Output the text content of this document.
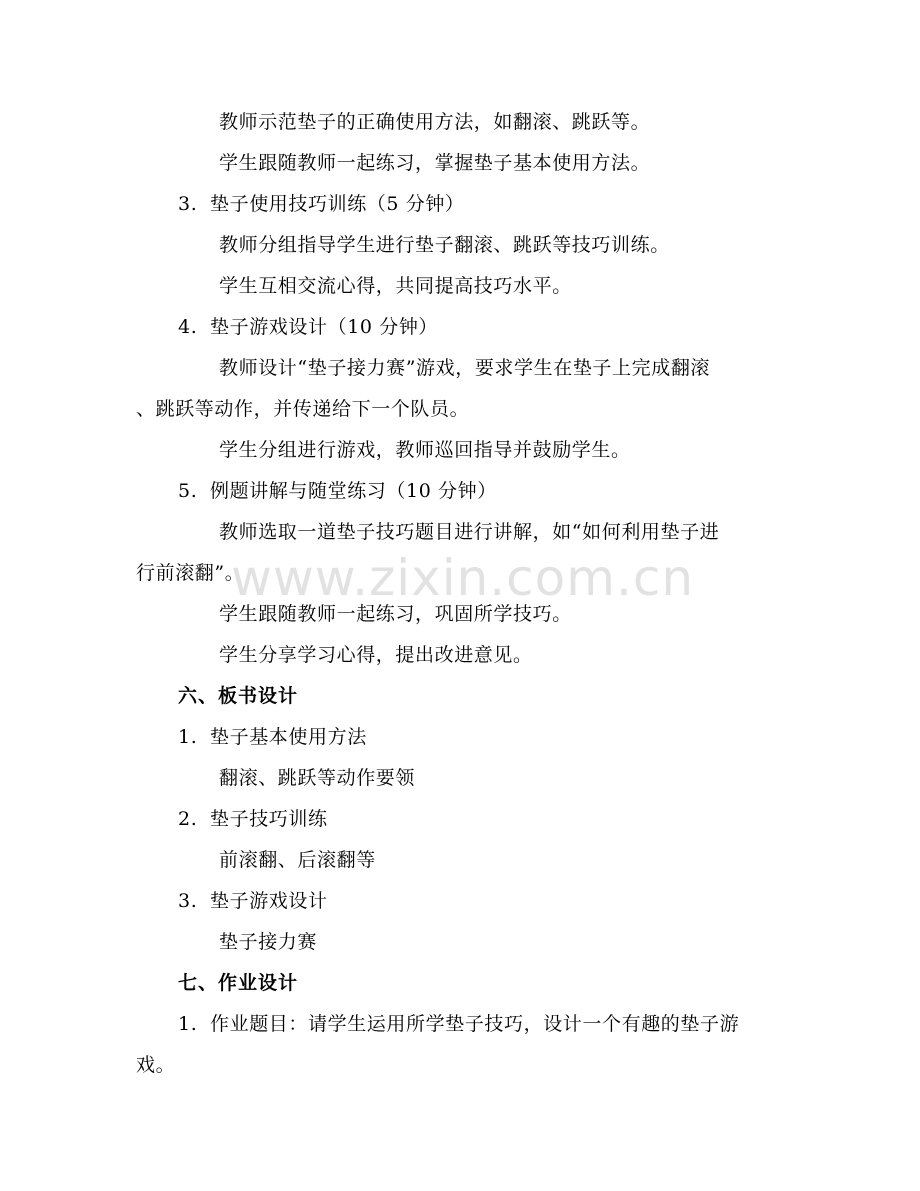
教师示范垫子的正确使用方法，如翻滚、跳跃等。
学生跟随教师一起练习，掌握垫子基本使用方法。
3. 垫子使用技巧训练（5 分钟）
教师分组指导学生进行垫子翻滚、跳跃等技巧训练。
学生互相交流心得，共同提高技巧水平。
4. 垫子游戏设计（10 分钟）
教师设计“垫子接力赛”游戏，要求学生在垫子上完成翻滚
、跳跃等动作，并传递给下一个队员。
学生分组进行游戏，教师巡回指导并鼓励学生。
5. 例题讲解与随堂练习（10 分钟）
教师选取一道垫子技巧题目进行讲解，如“如何利用垫子进
行前滚翻”。
学生跟随教师一起练习，巩固所学技巧。
学生分享学习心得，提出改进意见。
六、板书设计
1. 垫子基本使用方法
翻滚、跳跃等动作要领
2. 垫子技巧训练
前滚翻、后滚翻等
3. 垫子游戏设计
垫子接力赛
七、作业设计
1. 作业题目：请学生运用所学垫子技巧，设计一个有趣的垫子游
戏。
www.zixin.com.cn
